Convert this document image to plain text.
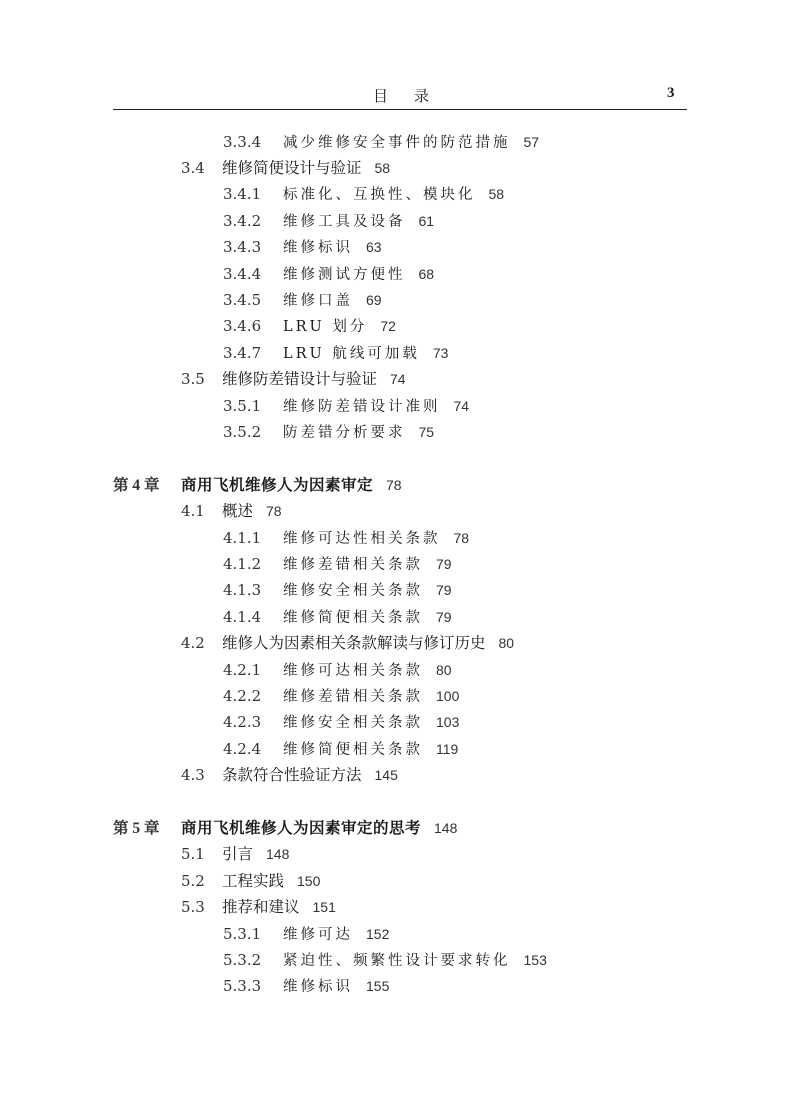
目 录	3
3.3.4 减少维修安全事件的防范措施 57
3.4 维修简便设计与验证 58
3.4.1 标准化、互换性、模块化 58
3.4.2 维修工具及设备 61
3.4.3 维修标识 63
3.4.4 维修测试方便性 68
3.4.5 维修口盖 69
3.4.6 LRU 划分 72
3.4.7 LRU 航线可加载 73
3.5 维修防差错设计与验证 74
3.5.1 维修防差错设计准则 74
3.5.2 防差错分析要求 75
第 4 章 商用飞机维修人为因素审定 78
4.1 概述 78
4.1.1 维修可达性相关条款 78
4.1.2 维修差错相关条款 79
4.1.3 维修安全相关条款 79
4.1.4 维修简便相关条款 79
4.2 维修人为因素相关条款解读与修订历史 80
4.2.1 维修可达相关条款 80
4.2.2 维修差错相关条款 100
4.2.3 维修安全相关条款 103
4.2.4 维修简便相关条款 119
4.3 条款符合性验证方法 145
第 5 章 商用飞机维修人为因素审定的思考 148
5.1 引言 148
5.2 工程实践 150
5.3 推荐和建议 151
5.3.1 维修可达 152
5.3.2 紧迫性、频繁性设计要求转化 153
5.3.3 维修标识 155
